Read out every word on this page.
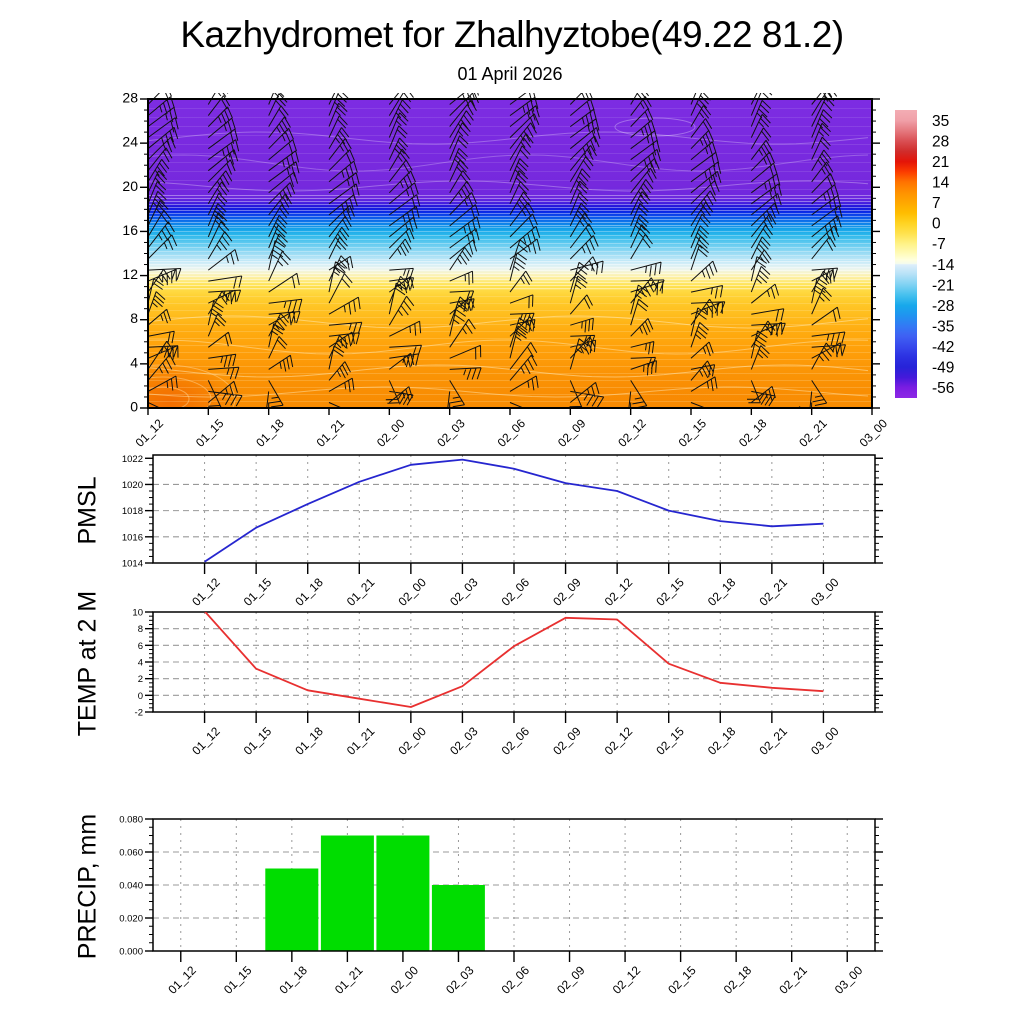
Kazhydromet for Zhalhyztobe(49.22 81.2)
01 April 2026
PMSL
TEMP at 2 M
PRECIP, mm
35
28
21
14
7
0
-7
-14
-21
-28
-35
-42
-49
-56
0
4
8
12
16
20
24
28
01_12 01_15 01_18 01_21 02_00 02_03 02_06 02_09 02_12 02_15 02_18 02_21 03_00
1014
1016
1018
1020
1022
01_12 01_15 01_18 01_21 02_00 02_03 02_06 02_09 02_12 02_15 02_18 02_21 03_00
-2
0
2
4
6
8
10
01_12 01_15 01_18 01_21 02_00 02_03 02_06 02_09 02_12 02_15 02_18 02_21 03_00
0.000
0.020
0.040
0.060
0.080
01_12 01_15 01_18 01_21 02_00 02_03 02_06 02_09 02_12 02_15 02_18 02_21 03_00
